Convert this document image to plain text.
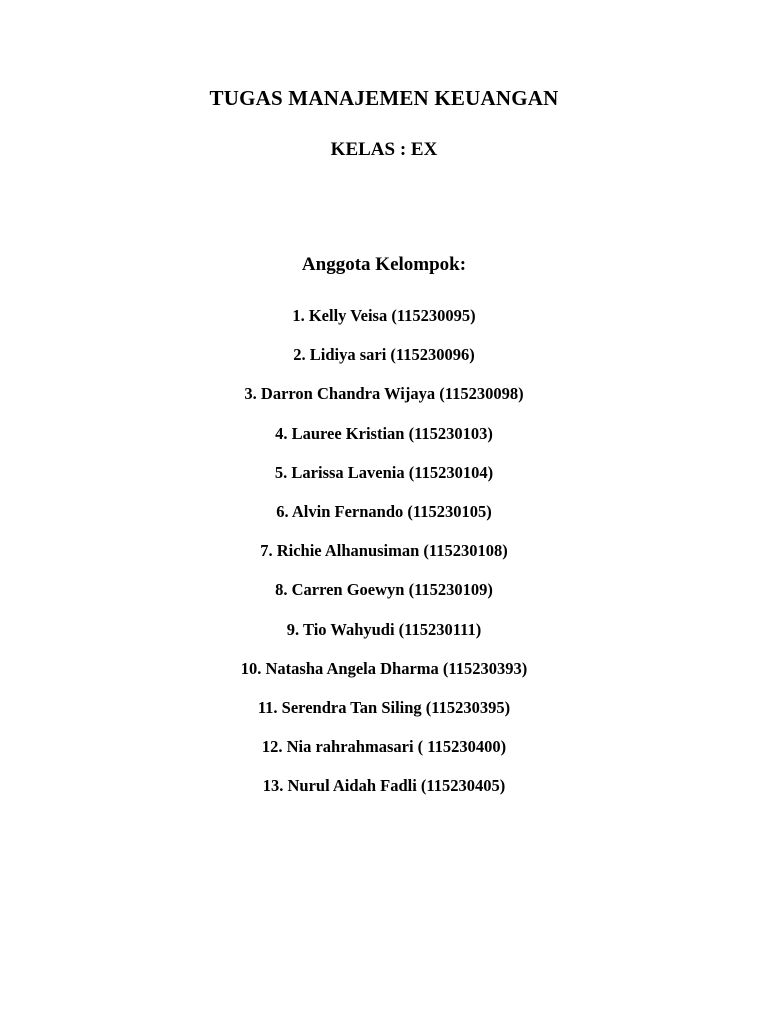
TUGAS MANAJEMEN KEUANGAN
KELAS : EX
Anggota Kelompok:
1. Kelly Veisa (115230095)
2. Lidiya sari (115230096)
3. Darron Chandra Wijaya (115230098)
4. Lauree Kristian (115230103)
5. Larissa Lavenia (115230104)
6. Alvin Fernando (115230105)
7. Richie Alhanusiman (115230108)
8. Carren Goewyn (115230109)
9. Tio Wahyudi (115230111)
10. Natasha Angela Dharma (115230393)
11. Serendra Tan Siling (115230395)
12. Nia rahrahmasari ( 115230400)
13. Nurul Aidah Fadli (115230405)
